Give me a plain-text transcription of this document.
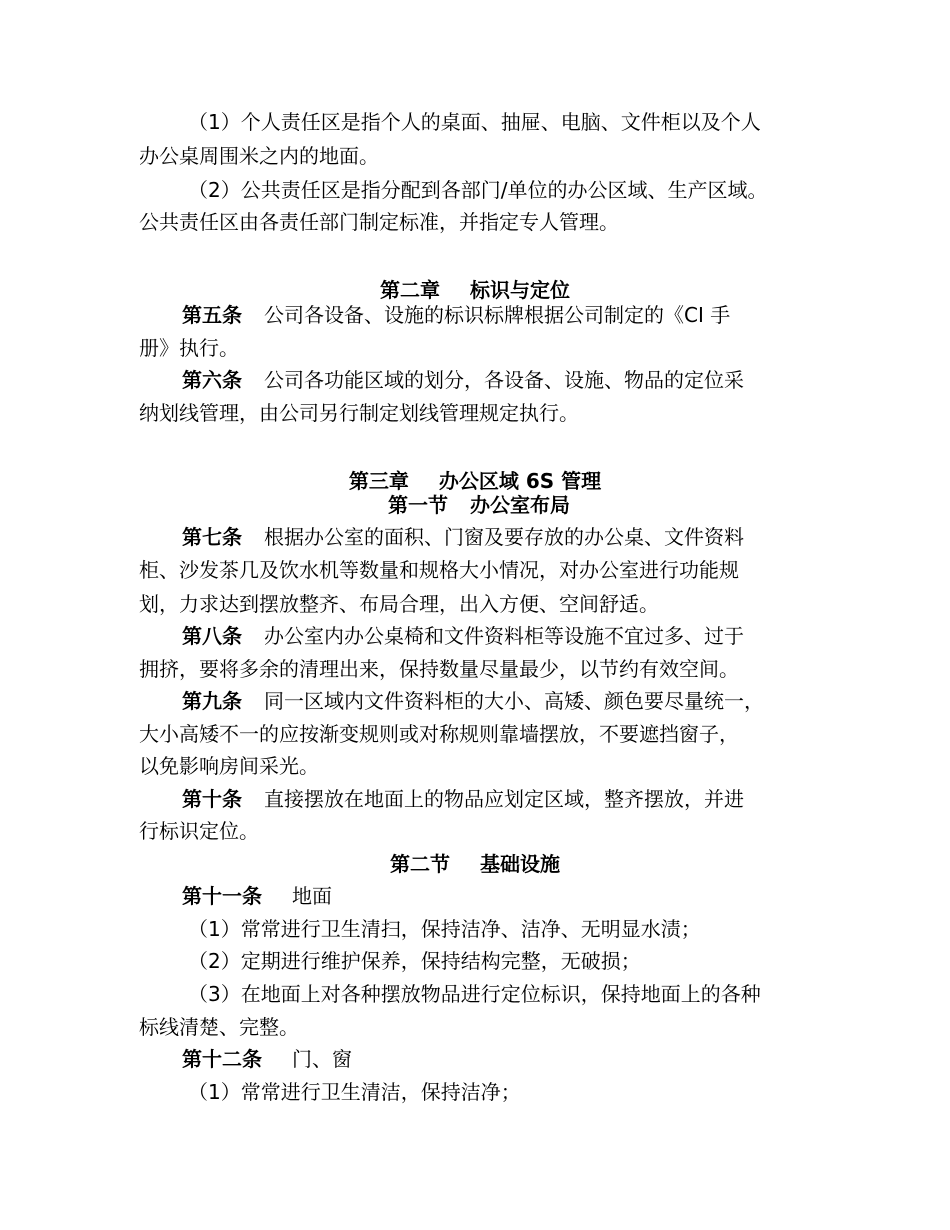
（1）个人责任区是指个人的桌面、抽屉、电脑、文件柜以及个人
办公桌周围米之内的地面。
（2）公共责任区是指分配到各部门/单位的办公区域、生产区域。
公共责任区由各责任部门制定标准，并指定专人管理。
第二章 标识与定位
第五条 公司各设备、设施的标识标牌根据公司制定的《CI 手
册》执行。
第六条 公司各功能区域的划分，各设备、设施、物品的定位采
纳划线管理，由公司另行制定划线管理规定执行。
第三章 办公区域 6S 管理
第一节 办公室布局
第七条 根据办公室的面积、门窗及要存放的办公桌、文件资料
柜、沙发茶几及饮水机等数量和规格大小情况，对办公室进行功能规
划，力求达到摆放整齐、布局合理，出入方便、空间舒适。
第八条 办公室内办公桌椅和文件资料柜等设施不宜过多、过于
拥挤，要将多余的清理出来，保持数量尽量最少，以节约有效空间。
第九条 同一区域内文件资料柜的大小、高矮、颜色要尽量统一，
大小高矮不一的应按渐变规则或对称规则靠墙摆放，不要遮挡窗子，
以免影响房间采光。
第十条 直接摆放在地面上的物品应划定区域，整齐摆放，并进
行标识定位。
第二节 基础设施
第十一条 地面
（1）常常进行卫生清扫，保持洁净、洁净、无明显水渍；
（2）定期进行维护保养，保持结构完整，无破损；
（3）在地面上对各种摆放物品进行定位标识，保持地面上的各种
标线清楚、完整。
第十二条 门、窗
（1）常常进行卫生清洁，保持洁净；
